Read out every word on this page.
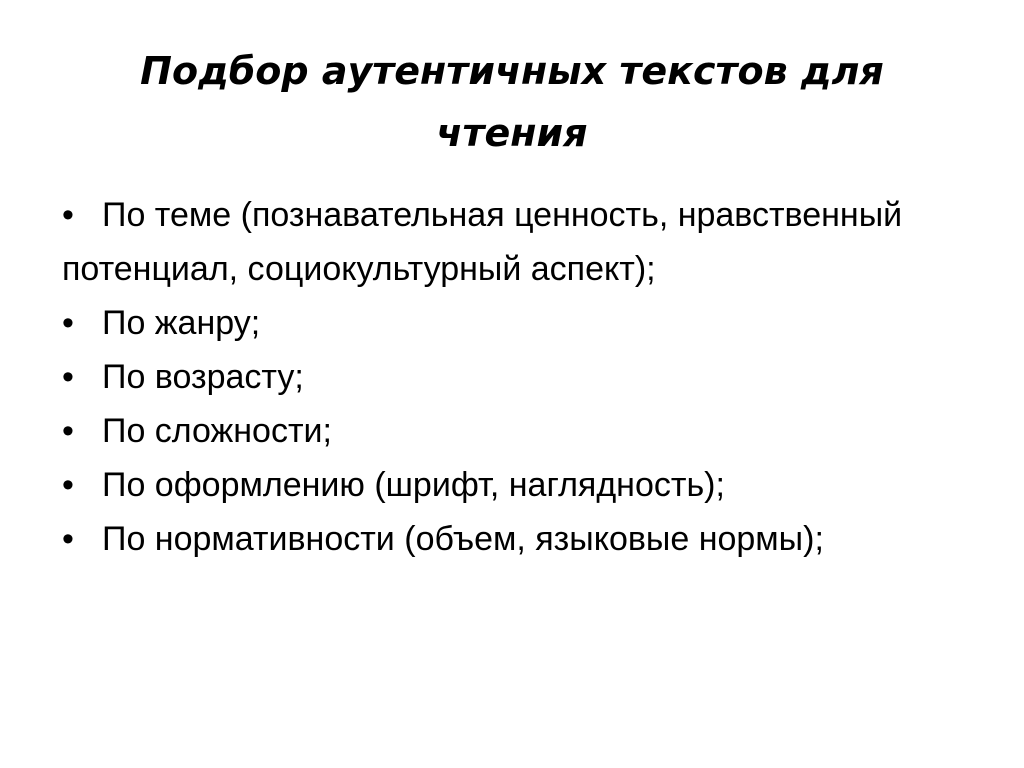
Подбор аутентичных текстов для чтения
• По теме (познавательная ценность, нравственный потенциал, социокультурный аспект);
• По жанру;
• По возрасту;
• По сложности;
• По оформлению (шрифт, наглядность);
• По нормативности (объем, языковые нормы);
